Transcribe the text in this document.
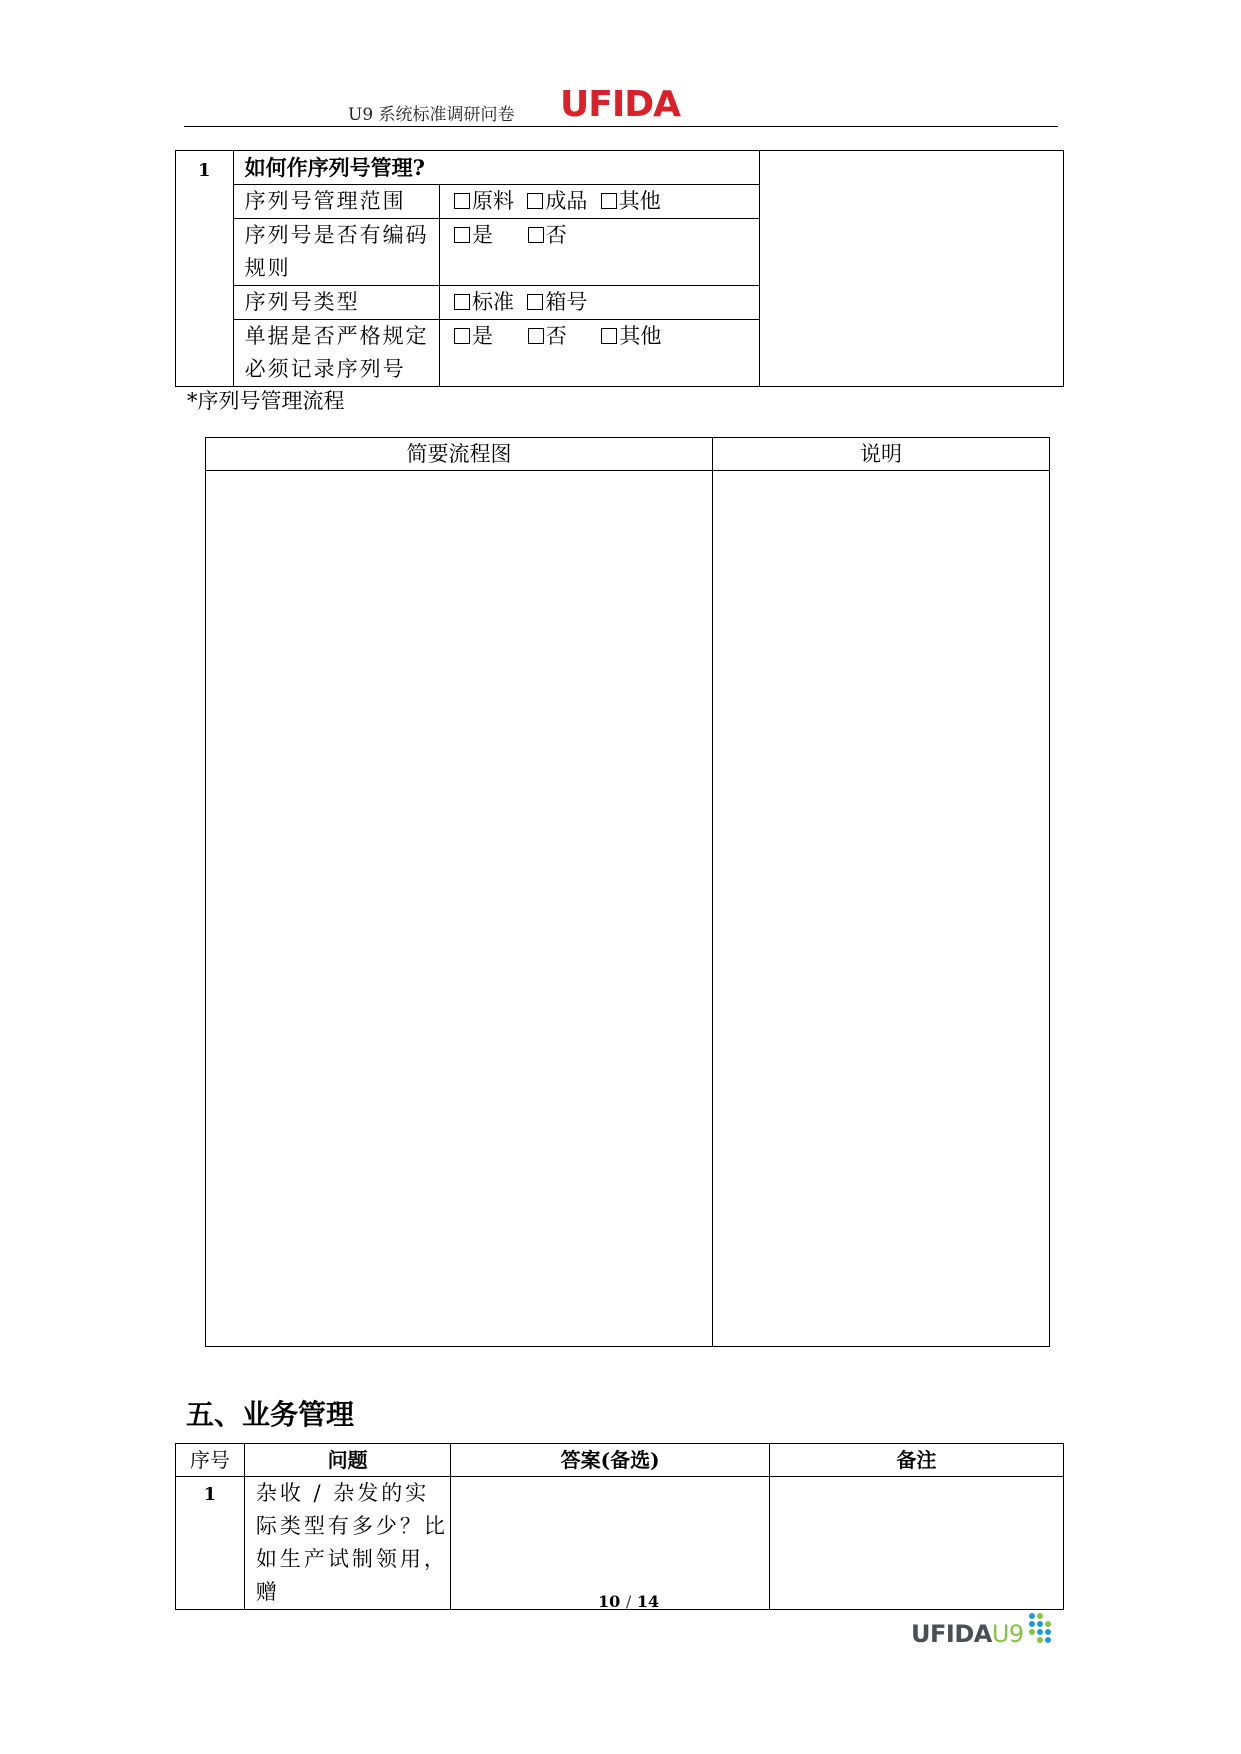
U9 系统标准调研问卷 UFIDA
1	如何作序列号管理?		
	序列号管理范围	原料 成品 其他	
	序列号是否有编码规则	是 否	
	序列号类型	标准 箱号	
	单据是否严格规定必须记录序列号	是 否 其他	
*序列号管理流程
简要流程图	说明

五、业务管理
序号	问题	答案(备选)	备注
1	杂收 / 杂发的实际类型有多少？比如生产试制领用，赠			10 / 14
UFIDAU9
